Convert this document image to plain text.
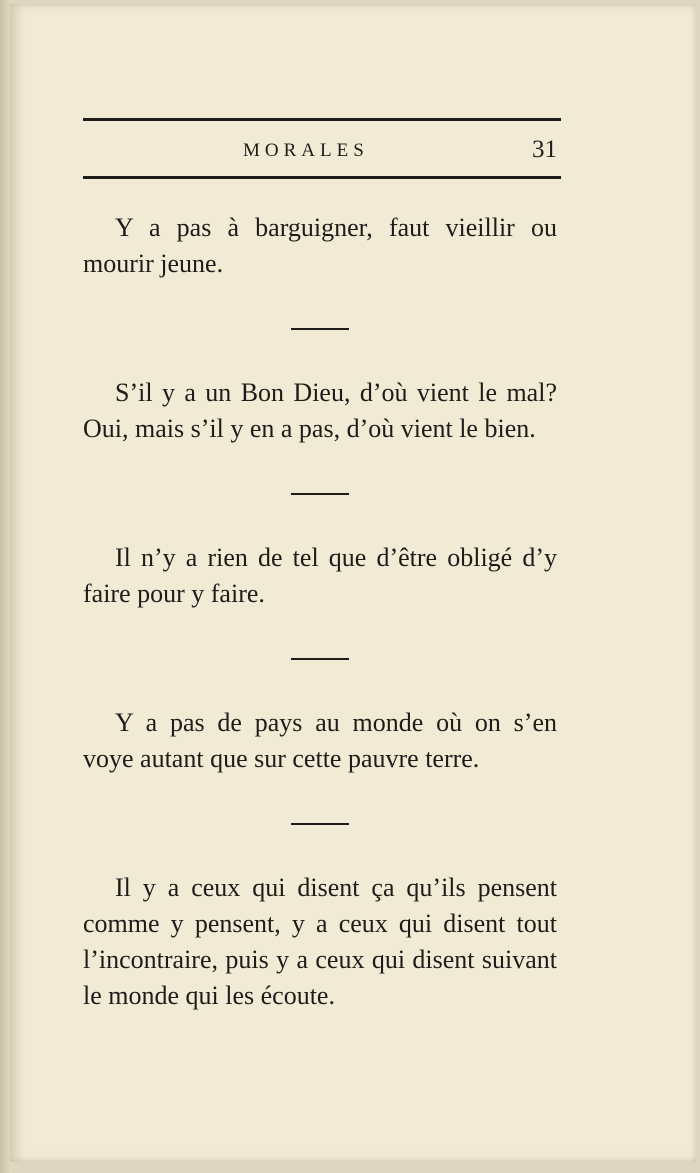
MORALES	31

Y a pas à barguigner, faut vieillir ou mourir jeune.

S’il y a un Bon Dieu, d’où vient le mal? Oui, mais s’il y en a pas, d’où vient le bien.

Il n’y a rien de tel que d’être obligé d’y faire pour y faire.

Y a pas de pays au monde où on s’en voye autant que sur cette pauvre terre.

Il y a ceux qui disent ça qu’ils pensent comme y pensent, y a ceux qui disent tout l’incontraire, puis y a ceux qui disent suivant le monde qui les écoute.
